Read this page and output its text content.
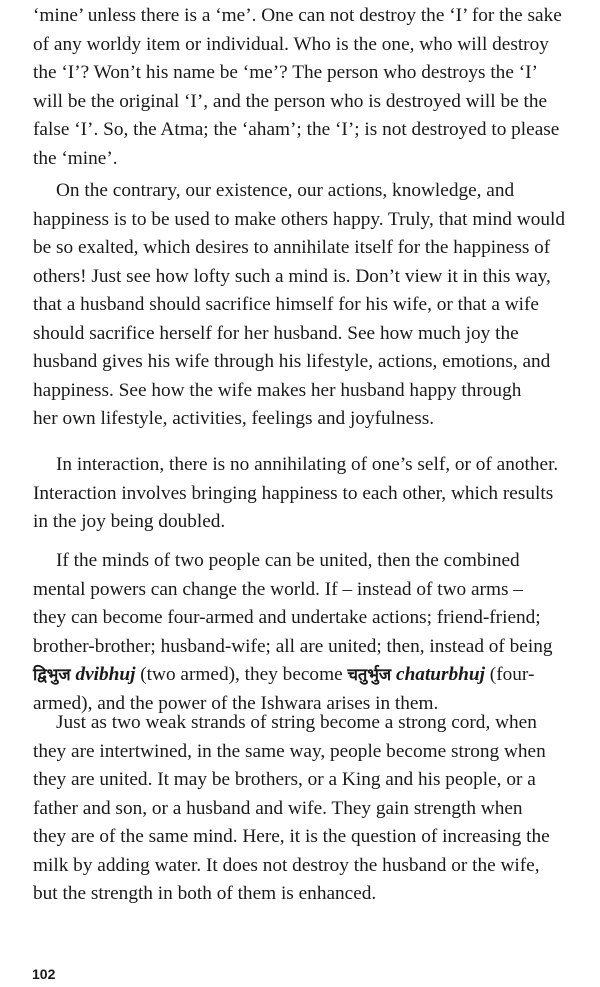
‘mine’ unless there is a ‘me’. One can not destroy the ‘I’ for the sake
of any worldy item or individual. Who is the one, who will destroy
the ‘I’? Won’t his name be ‘me’? The person who destroys the ‘I’
will be the original ‘I’, and the person who is destroyed will be the
false ‘I’. So, the Atma; the ‘aham’; the ‘I’; is not destroyed to please
the ‘mine’.
On the contrary, our existence, our actions, knowledge, and
happiness is to be used to make others happy. Truly, that mind would
be so exalted, which desires to annihilate itself for the happiness of
others! Just see how lofty such a mind is. Don’t view it in this way,
that a husband should sacrifice himself for his wife, or that a wife
should sacrifice herself for her husband. See how much joy the
husband gives his wife through his lifestyle, actions, emotions, and
happiness. See how the wife makes her husband happy through
her own lifestyle, activities, feelings and joyfulness.
In interaction, there is no annihilating of one’s self, or of another.
Interaction involves bringing happiness to each other, which results
in the joy being doubled.
If the minds of two people can be united, then the combined
mental powers can change the world. If – instead of two arms –
they can become four-armed and undertake actions; friend-friend;
brother-brother; husband-wife; all are united; then, instead of being
द्विभुज dvibhuj (two armed), they become चतुर्भुज chaturbhuj (four-
armed), and the power of the Ishwara arises in them.
Just as two weak strands of string become a strong cord, when
they are intertwined, in the same way, people become strong when
they are united. It may be brothers, or a King and his people, or a
father and son, or a husband and wife. They gain strength when
they are of the same mind. Here, it is the question of increasing the
milk by adding water. It does not destroy the husband or the wife,
but the strength in both of them is enhanced.
102
